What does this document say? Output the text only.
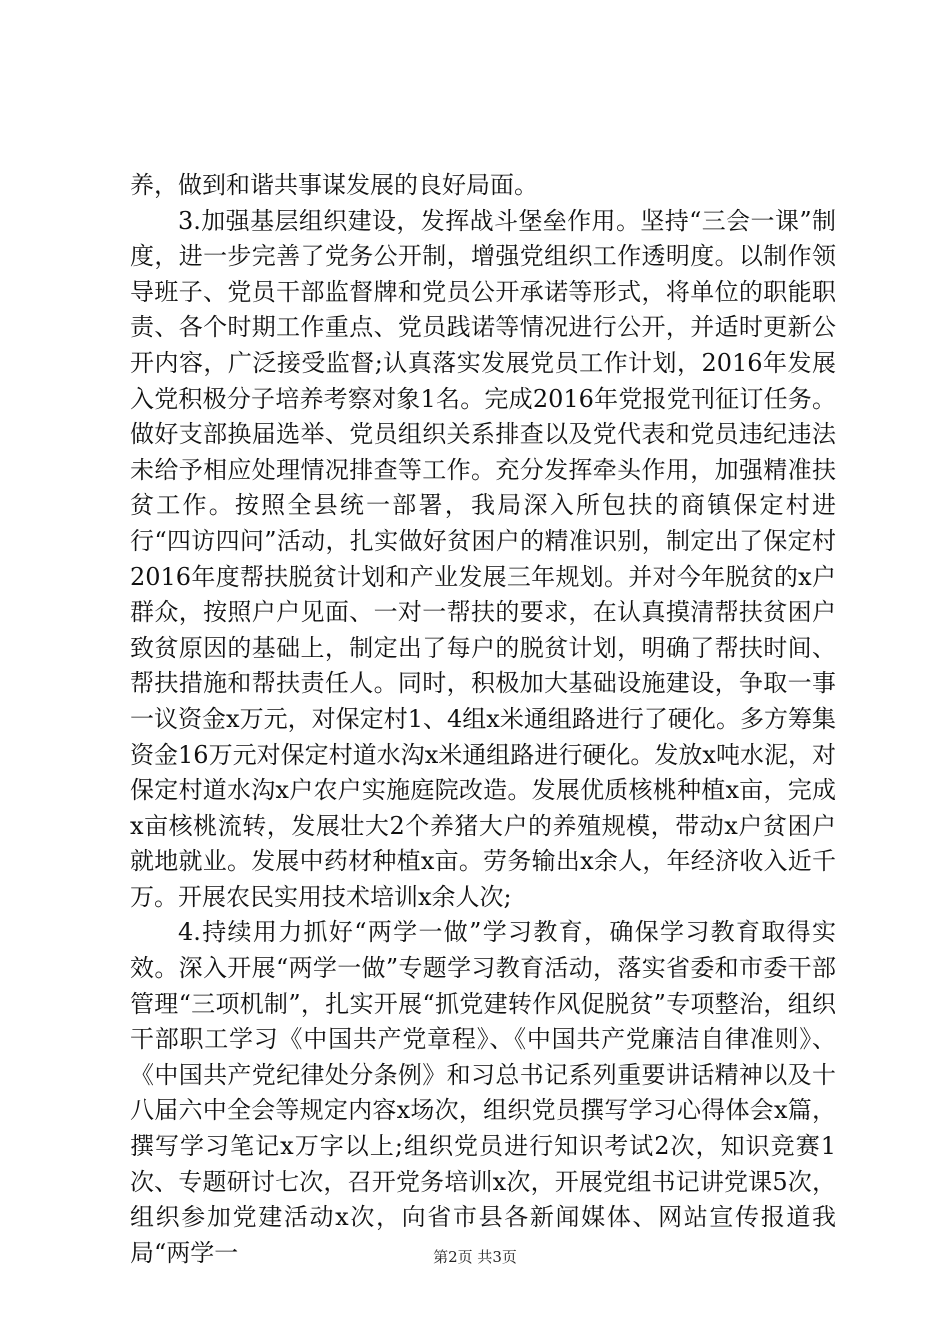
养，做到和谐共事谋发展的良好局面。

3.加强基层组织建设，发挥战斗堡垒作用。坚持“三会一课”制度，进一步完善了党务公开制，增强党组织工作透明度。以制作领导班子、党员干部监督牌和党员公开承诺等形式，将单位的职能职责、各个时期工作重点、党员践诺等情况进行公开，并适时更新公开内容，广泛接受监督;认真落实发展党员工作计划，2016年发展入党积极分子培养考察对象1名。完成2016年党报党刊征订任务。做好支部换届选举、党员组织关系排查以及党代表和党员违纪违法未给予相应处理情况排查等工作。充分发挥牵头作用，加强精准扶贫工作。按照全县统一部署，我局深入所包扶的商镇保定村进行“四访四问”活动，扎实做好贫困户的精准识别，制定出了保定村2016年度帮扶脱贫计划和产业发展三年规划。并对今年脱贫的x户群众，按照户户见面、一对一帮扶的要求，在认真摸清帮扶贫困户致贫原因的基础上，制定出了每户的脱贫计划，明确了帮扶时间、帮扶措施和帮扶责任人。同时，积极加大基础设施建设，争取一事一议资金x万元，对保定村1、4组x米通组路进行了硬化。多方筹集资金16万元对保定村道水沟x米通组路进行硬化。发放x吨水泥，对保定村道水沟x户农户实施庭院改造。发展优质核桃种植x亩，完成x亩核桃流转，发展壮大2个养猪大户的养殖规模，带动x户贫困户就地就业。发展中药材种植x亩。劳务输出x余人，年经济收入近千万。开展农民实用技术培训x余人次;

4.持续用力抓好“两学一做”学习教育，确保学习教育取得实效。深入开展“两学一做”专题学习教育活动，落实省委和市委干部管理“三项机制”，扎实开展“抓党建转作风促脱贫”专项整治，组织干部职工学习《中国共产党章程》、《中国共产党廉洁自律准则》、《中国共产党纪律处分条例》和习总书记系列重要讲话精神以及十八届六中全会等规定内容x场次，组织党员撰写学习心得体会x篇，撰写学习笔记x万字以上;组织党员进行知识考试2次，知识竞赛1次、专题研讨七次，召开党务培训x次，开展党组书记讲党课5次，组织参加党建活动x次，向省市县各新闻媒体、网站宣传报道我局“两学一	第2页 共3页
